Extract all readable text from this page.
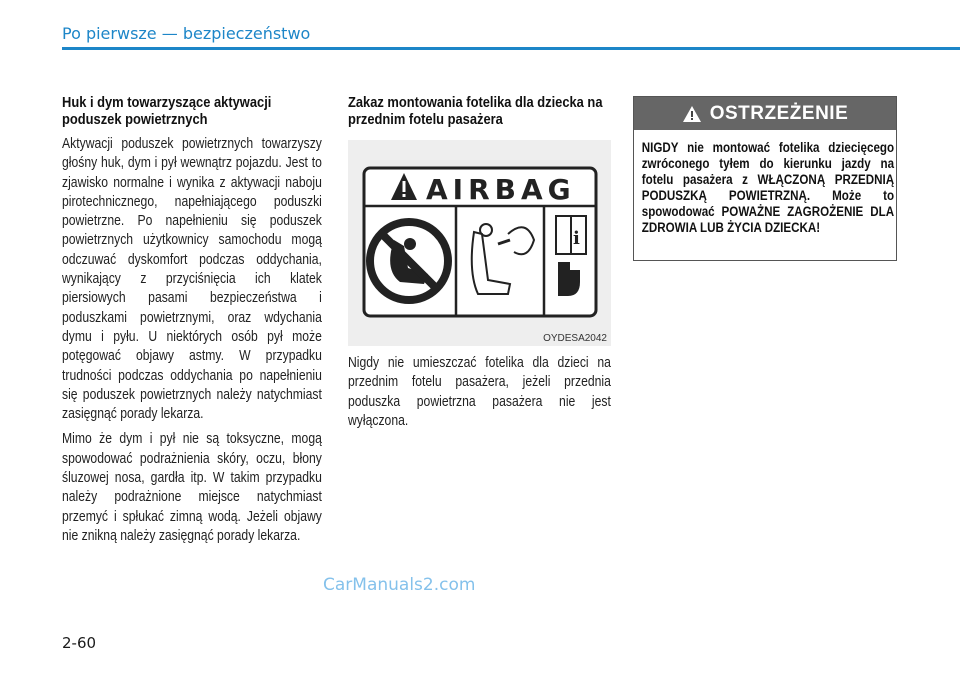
Po pierwsze — bezpieczeństwo
Huk i dym towarzyszące aktywacji poduszek powietrznych

Aktywacji poduszek powietrznych towarzyszy głośny huk, dym i pył wewnątrz pojazdu. Jest to zjawisko normalne i wynika z aktywacji naboju pirotechnicznego, napełniającego poduszki powietrzne. Po napełnieniu się poduszek powietrznych użytkownicy samochodu mogą odczuwać dyskomfort podczas oddychania, wynikający z przyciśnięcia ich klatek piersiowych pasami bezpieczeństwa i poduszkami powietrznymi, oraz wdychania dymu i pyłu. U niektórych osób pył może potęgować objawy astmy. W przypadku trudności podczas oddychania po napełnieniu się poduszek powietrznych należy natychmiast zasięgnąć porady lekarza.

Mimo że dym i pył nie są toksyczne, mogą spowodować podrażnienia skóry, oczu, błony śluzowej nosa, gardła itp. W takim przypadku należy podrażnione miejsce natychmiast przemyć i spłukać zimną wodą. Jeżeli objawy nie znikną należy zasięgnąć porady lekarza.

Zakaz montowania fotelika dla dziecka na przednim fotelu pasażera
AIRBAG
i
OYDESA2042

Nigdy nie umieszczać fotelika dla dzieci na przednim fotelu pasażera, jeżeli przednia poduszka powietrzna pasażera nie jest wyłączona.

OSTRZEŻENIE
NIGDY nie montować fotelika dziecięcego zwróconego tyłem do kierunku jazdy na fotelu pasażera z WŁĄCZONĄ PRZEDNIĄ PODUSZKĄ POWIETRZNĄ. Może to spowodować POWAŻNE ZAGROŻENIE DLA ZDROWIA LUB ŻYCIA DZIECKA!
CarManuals2.com
2-60
